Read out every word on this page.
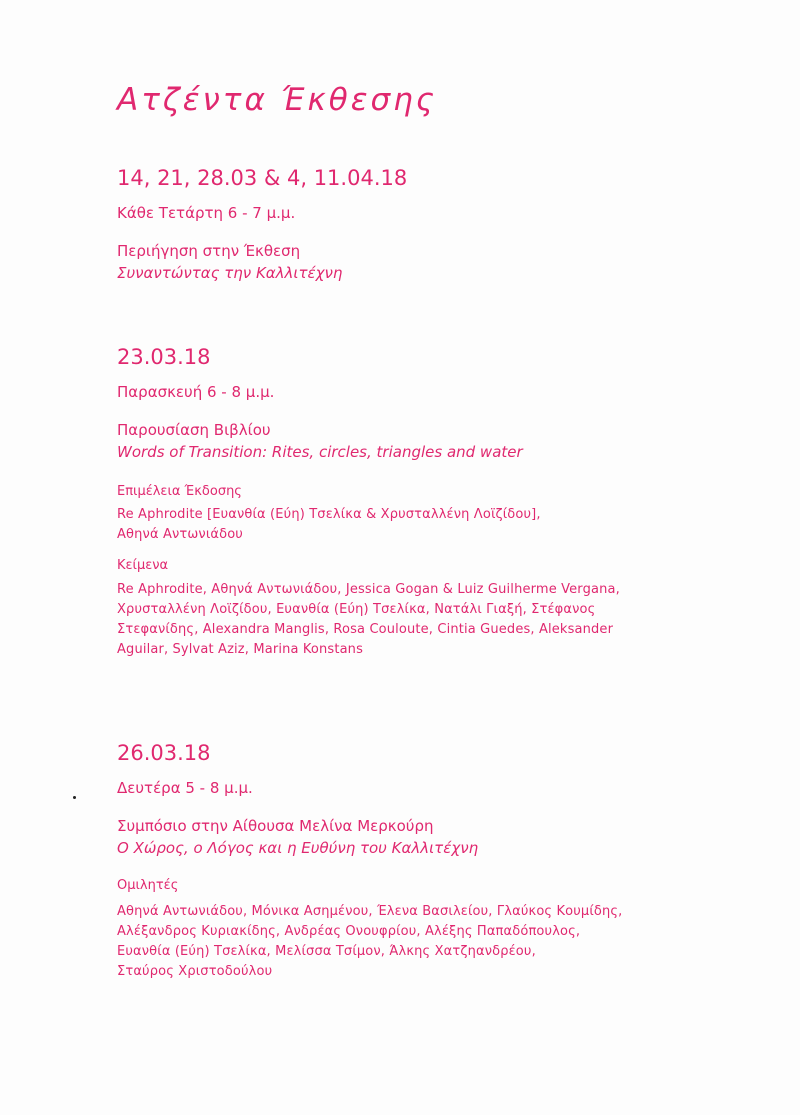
Ατζέντα Έκθεσης

14, 21, 28.03 & 4, 11.04.18

Κάθε Τετάρτη 6 - 7 μ.μ.

Περιήγηση στην Έκθεση

Συναντώντας την Καλλιτέχνη

23.03.18

Παρασκευή 6 - 8 μ.μ.

Παρουσίαση Βιβλίου

Words of Transition: Rites, circles, triangles and water

Επιμέλεια Έκδοσης

Re Aphrodite [Ευανθία (Εύη) Τσελίκα & Χρυσταλλένη Λοϊζίδου],
Αθηνά Αντωνιάδου

Κείμενα

Re Aphrodite, Αθηνά Αντωνιάδου, Jessica Gogan & Luiz Guilherme Vergana,
Χρυσταλλένη Λοϊζίδου, Ευανθία (Εύη) Τσελίκα, Νατάλι Γιαξή, Στέφανος
Στεφανίδης, Alexandra Manglis, Rosa Couloute, Cintia Guedes, Aleksander
Aguilar, Sylvat Aziz, Marina Konstans

26.03.18

Δευτέρα 5 - 8 μ.μ.

Συμπόσιο στην Αίθουσα Μελίνα Μερκούρη

Ο Χώρος, ο Λόγος και η Ευθύνη του Καλλιτέχνη

Ομιλητές

Αθηνά Αντωνιάδου, Μόνικα Ασημένου, Έλενα Βασιλείου, Γλαύκος Κουμίδης,
Αλέξανδρος Κυριακίδης, Ανδρέας Ονουφρίου, Αλέξης Παπαδόπουλος,
Ευανθία (Εύη) Τσελίκα, Μελίσσα Τσίμον, Άλκης Χατζηανδρέου,
Σταύρος Χριστοδούλου
